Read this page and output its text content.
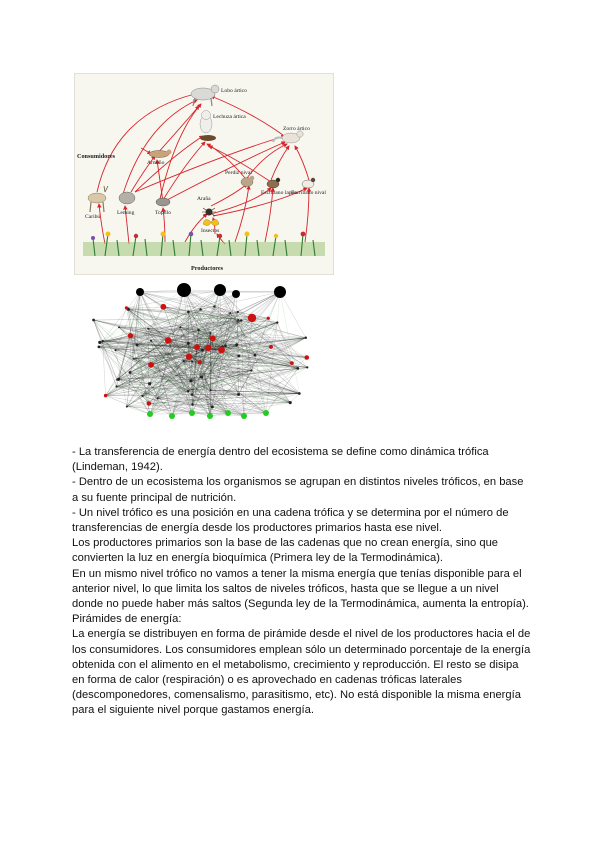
Lobo ártico
Lechuza ártica
Zorro ártico
Consumidores
Armiño
Perdiz nival
Escribano lapón
Escribano nival
Caribú
Leming	Topillo
Araña
Insectos
Productores

- La transferencia de energía dentro del ecosistema se define como dinámica trófica (Lindeman, 1942).

- Dentro de un ecosistema los organismos se agrupan en distintos niveles tróficos, en base a su fuente principal de nutrición.

- Un nivel trófico es una posición en una cadena trófica y se determina por el número de transferencias de energía desde los productores primarios hasta ese nivel.

Los productores primarios son la base de las cadenas que no crean energía, sino que convierten la luz en energía bioquímica (Primera ley de la Termodinámica).

En un mismo nivel trófico no vamos a tener la misma energía que tenías disponible para el anterior nivel, lo que limita los saltos de niveles tróficos, hasta que se llegue a un nivel donde no puede haber más saltos (Segunda ley de la Termodinámica, aumenta la entropía).

Pirámides de energía:

La energía se distribuyen en forma de pirámide desde el nivel de los productores hacia el de los consumidores. Los consumidores emplean sólo un determinado porcentaje de la energía obtenida con el alimento en el metabolismo, crecimiento y reproducción. El resto se disipa en forma de calor (respiración) o es aprovechado en cadenas tróficas laterales (descomponedores, comensalismo, parasitismo, etc). No está disponible la misma energía para el siguiente nivel porque gastamos energía.
